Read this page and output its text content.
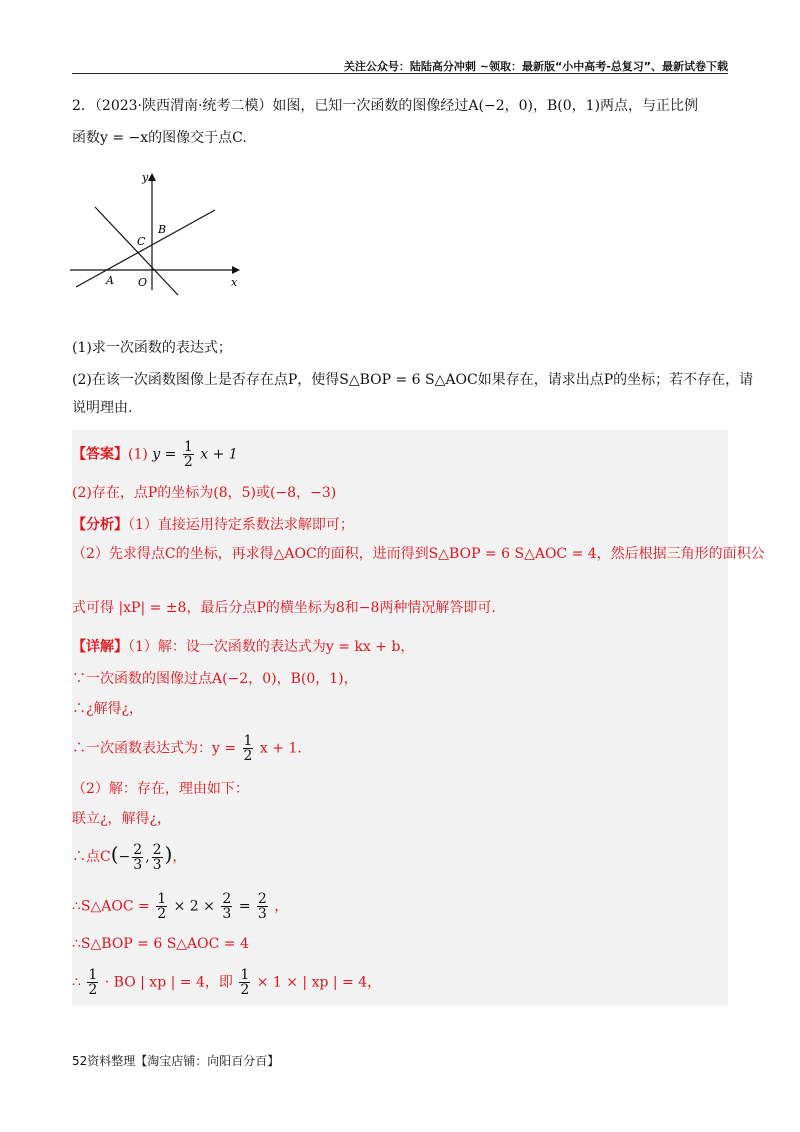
关注公众号：陆陆高分冲刺 ~领取：最新版“小中高考-总复习”、最新试卷下载
2．（2023·陕西渭南·统考二模）如图，已知一次函数的图像经过A(−2，0)，B(0，1)两点，与正比例
函数y = −x的图像交于点C.
y
x
O
A
B
C
(1)求一次函数的表达式；
(2)在该一次函数图像上是否存在点P，使得S△BOP = 6 S△AOC如果存在，请求出点P的坐标；若不存在，请
说明理由.
【答案】(1) $y = \frac{1}{2}$ x + 1
(2)存在，点P的坐标为(8，5)或(−8，−3)
【分析】（1）直接运用待定系数法求解即可；
（2）先求得点C的坐标，再求得△AOC的面积，进而得到S△BOP = 6 S△AOC = 4，然后根据三角形的面积公
式可得 |xP| = ±8，最后分点P的横坐标为8和−8两种情况解答即可.
【详解】（1）解：设一次函数的表达式为y = kx + b，
∵一次函数的图像过点A(−2，0)，B(0，1)，
∴¿解得¿，
∴一次函数表达式为：$y = \frac{1}{2}$ x + 1.
（2）解：存在，理由如下：
联立¿，解得¿，
∴点$C(- \frac{2}{3}$ , $\frac{2}{3}$ )，
∴S△AOC = $\frac{1}{2} \times 2 \times \frac{2}{3} = \frac{2}{3}$ ，
∴S△BOP = 6 S△AOC = 4
∴ $\frac{1}{2}$ · BO | xp | = 4，即 $\frac{1}{2} \times 1$ × | xp | = 4，
52资料整理【淘宝店铺：向阳百分百】
